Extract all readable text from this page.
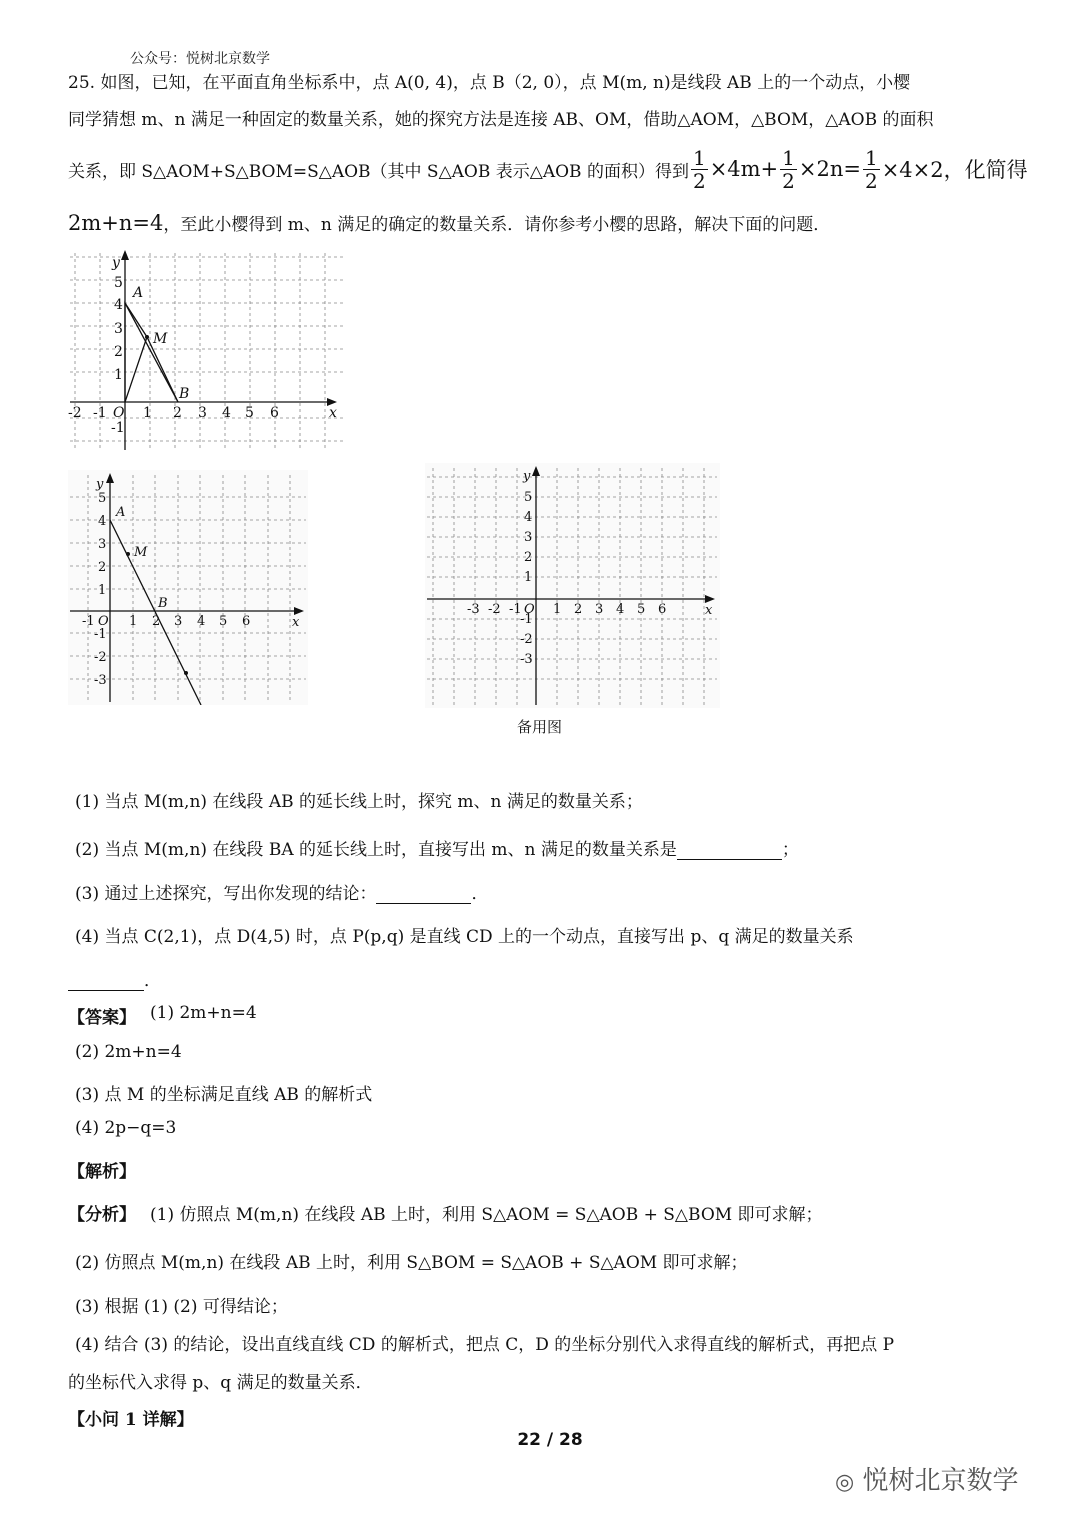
公众号：悦树北京数学
25. 如图，已知，在平面直角坐标系中，点 A(0, 4)，点 B（2, 0），点 M(m, n)是线段 AB 上的一个动点，小樱
同学猜想 m、n 满足一种固定的数量关系，她的探究方法是连接 AB、OM，借助△AOM，△BOM，△AOB 的面积
关系，即 S△AOM+S△BOM=S△AOB（其中 S△AOB 表示△AOB 的面积）得到 $\frac{1}{2} \times 4m+ \frac{1}{2} \times 2n= \frac{1}{2} \times 4\times 2$，化简得
2m+n=4，至此小樱得到 m、n 满足的确定的数量关系．请你参考小樱的思路，解决下面的问题．
y
x
A
M
B
O
-2 -1	2 3 4 5 6
1
5
4
3
2
1
-1
y
x
A
M
B
O
-1	1 2 3 4 5 6
5
4
3
2
1
-1
-2
-3
y
x
O
-3 -2 -1 1 2 3 4 5 6
5
4
3
2
1
-1
-2
-3
备用图
(1) 当点 M(m,n) 在线段 AB 的延长线上时，探究 m、n 满足的数量关系；
(2) 当点 M(m,n) 在线段 BA 的延长线上时，直接写出 m、n 满足的数量关系是	；
(3) 通过上述探究，写出你发现的结论：	．
(4) 当点 C(2,1)，点 D(4,5) 时，点 P(p,q) 是直线 CD 上的一个动点，直接写出 p、q 满足的数量关系
．
【答案】 (1) 2m+n=4
(2) 2m+n=4
(3) 点 M 的坐标满足直线 AB 的解析式
(4) 2p−q=3
【解析】
【分析】 (1) 仿照点 M(m,n) 在线段 AB 上时，利用 S△AOM = S△AOB + S△BOM 即可求解；
(2) 仿照点 M(m,n) 在线段 AB 上时，利用 S△BOM = S△AOB + S△AOM 即可求解；
(3) 根据 (1) (2) 可得结论；
(4) 结合 (3) 的结论，设出直线直线 CD 的解析式，把点 C，D 的坐标分别代入求得直线的解析式，再把点 P
的坐标代入求得 p、q 满足的数量关系．
【小问 1 详解】
22 / 28
◎ 悦树北京数学
